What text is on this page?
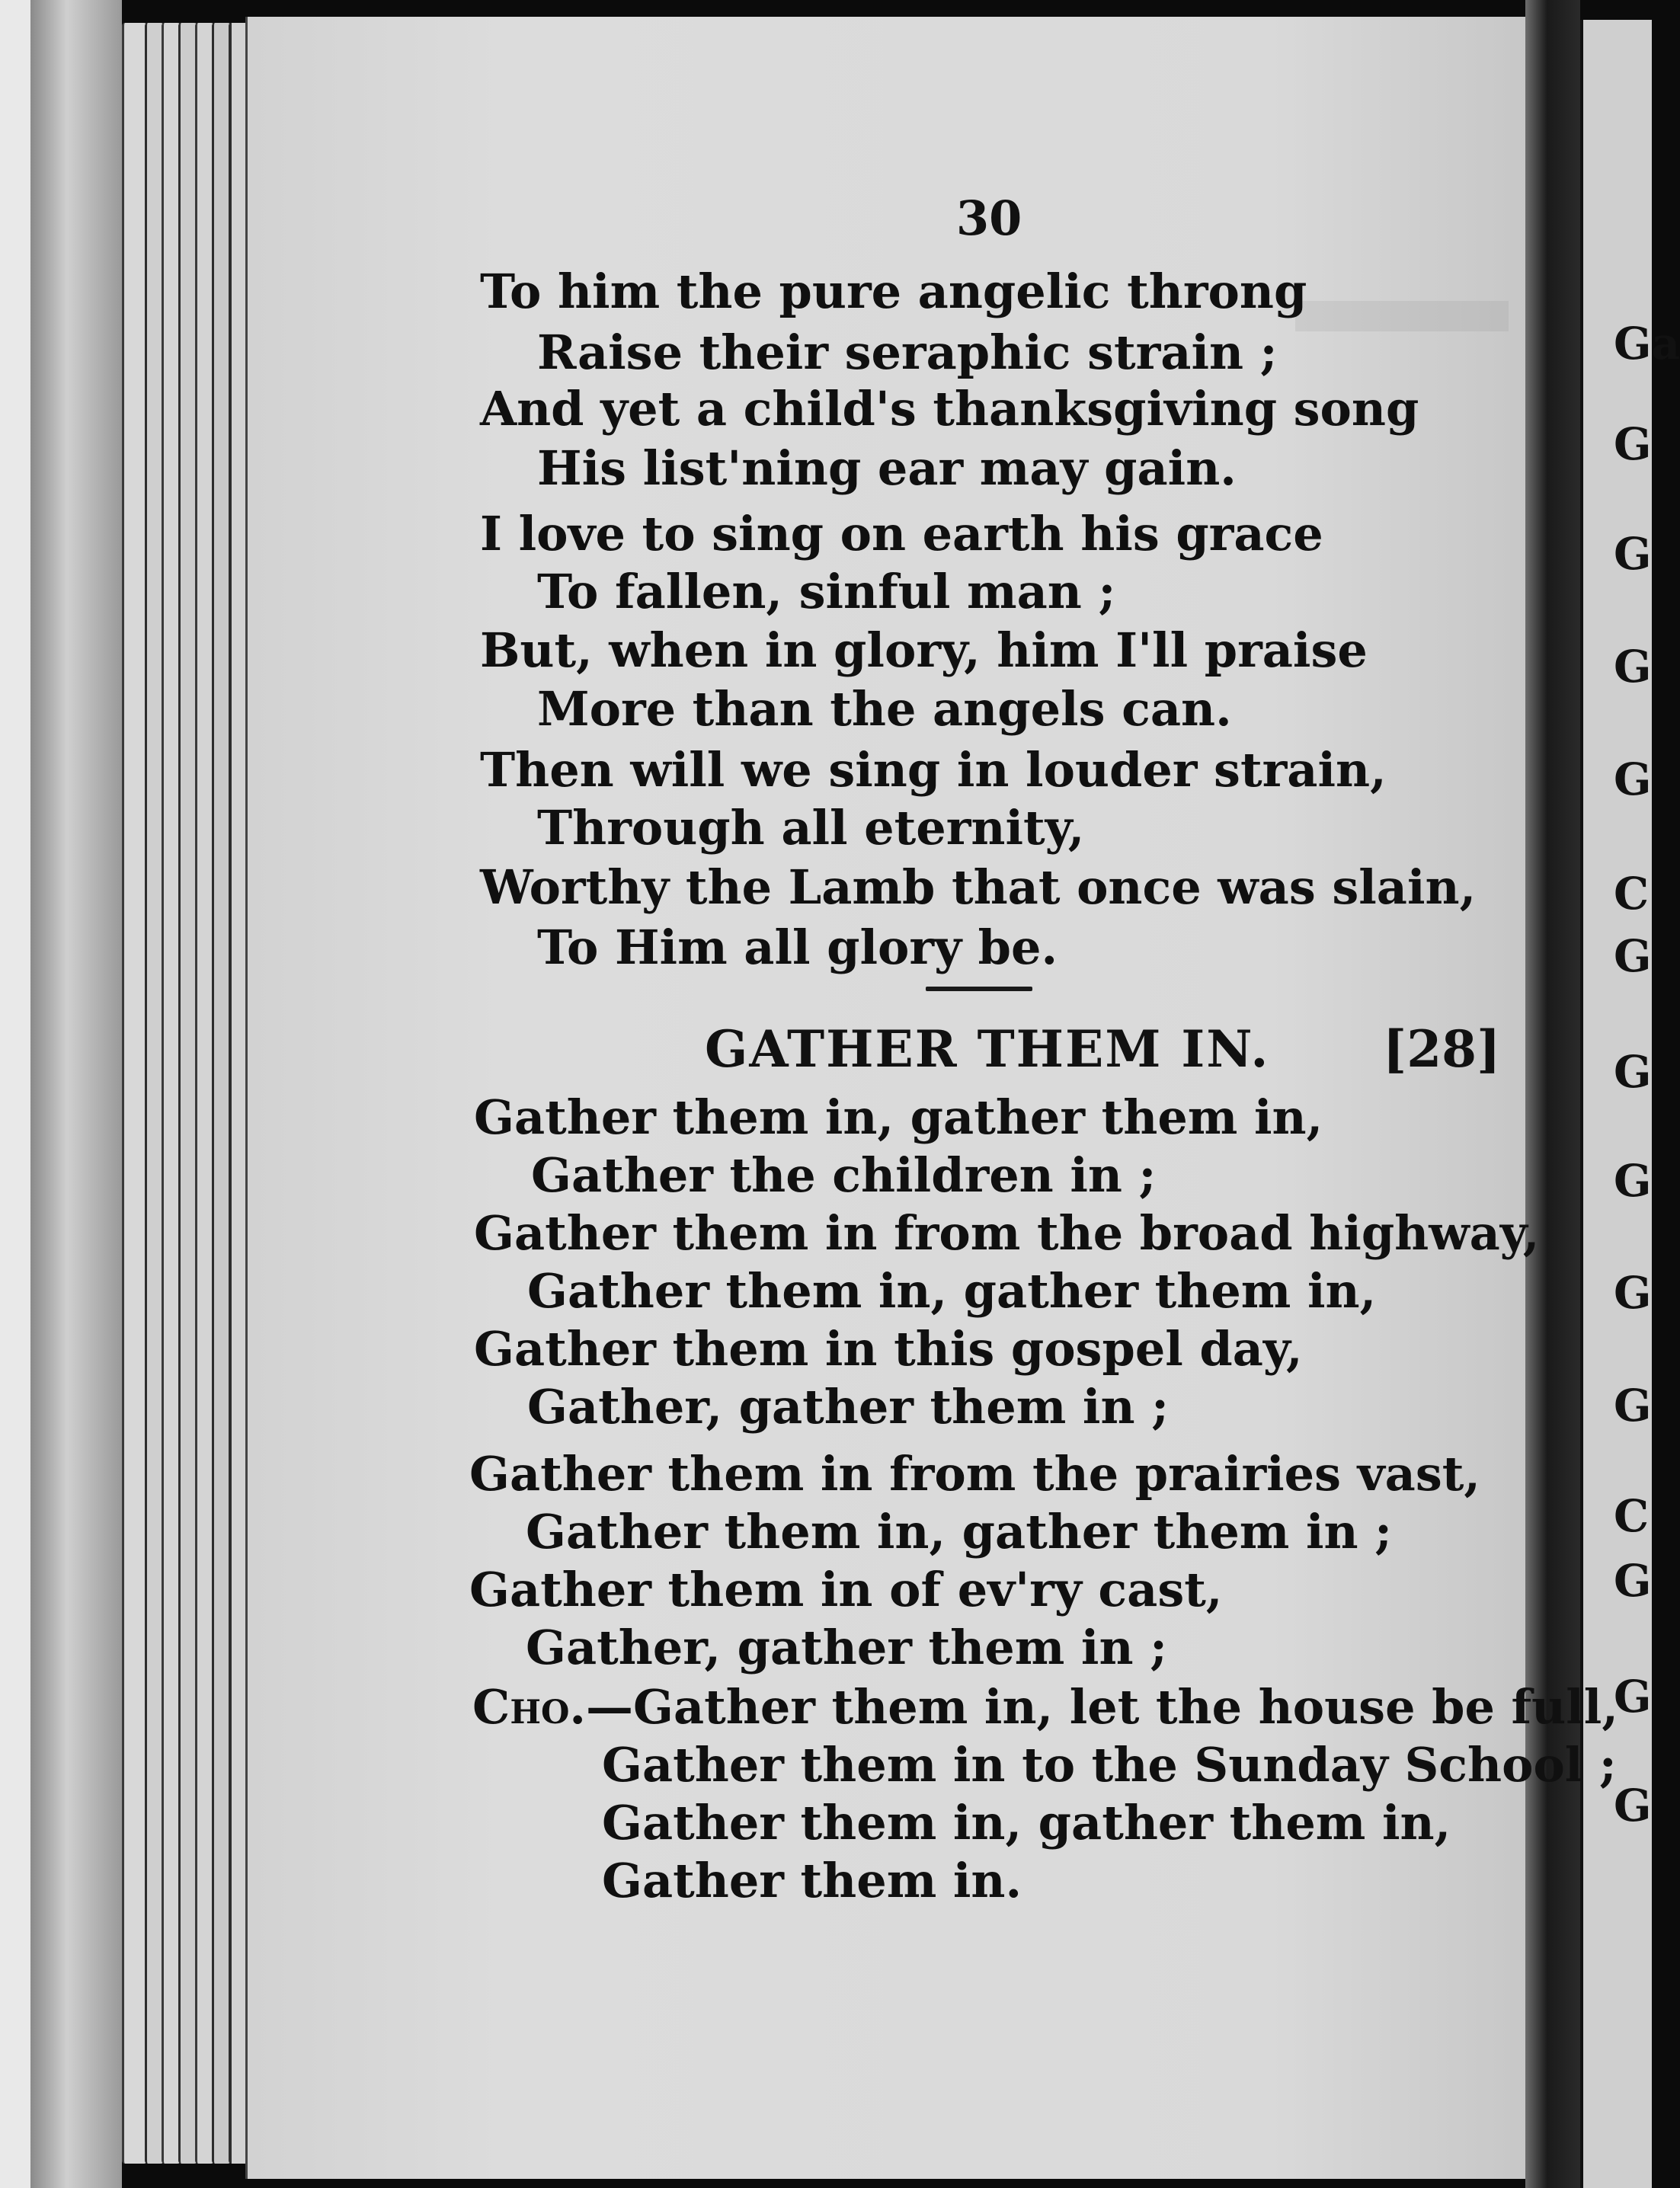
Ga
G
G
G
G
C
G
G
G
G
G
C
G
G
G
30
To him the pure angelic throng
Raise their seraphic strain ;
And yet a child's thanksgiving song
His list'ning ear may gain.
I love to sing on earth his grace
To fallen, sinful man ;
But, when in glory, him I'll praise
More than the angels can.
Then will we sing in louder strain,
Through all eternity,
Worthy the Lamb that once was slain,
To Him all glory be.
GATHER THEM IN. [28]
Gather them in, gather them in,
Gather the children in ;
Gather them in from the broad highway,
Gather them in, gather them in,
Gather them in this gospel day,
Gather, gather them in ;
Gather them in from the prairies vast,
Gather them in, gather them in ;
Gather them in of ev'ry cast,
Gather, gather them in ;
Cho.—Gather them in, let the house be full,
Gather them in to the Sunday School ;
Gather them in, gather them in,
Gather them in.
